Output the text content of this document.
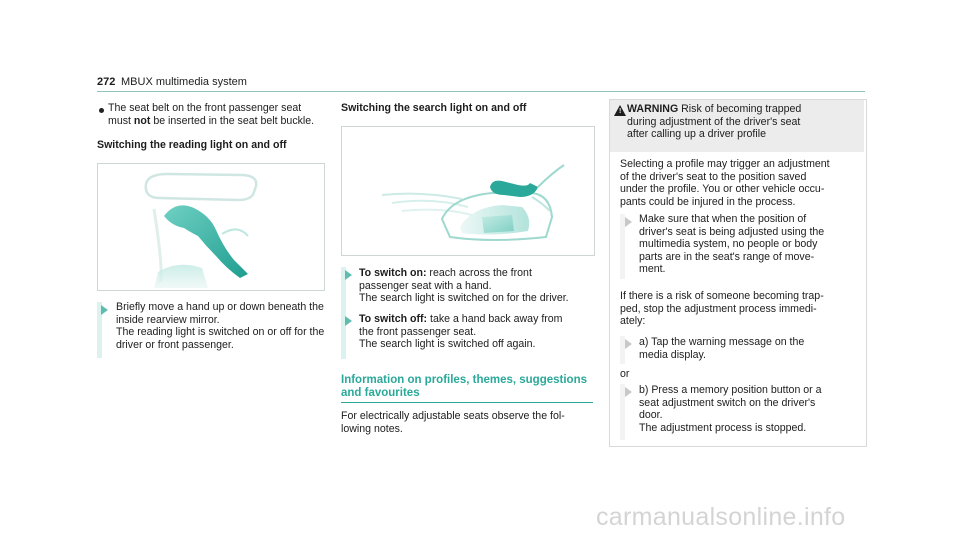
272 MBUX multimedia system
The seat belt on the front passenger seat
must not be inserted in the seat belt buckle.
Switching the reading light on and off
Briefly move a hand up or down beneath the
inside rearview mirror.
The reading light is switched on or off for the
driver or front passenger.
Switching the search light on and off
To switch on: reach across the front
passenger seat with a hand.
The search light is switched on for the driver.
To switch off: take a hand back away from
the front passenger seat.
The search light is switched off again.
Information on profiles, themes, suggestions
and favourites
For electrically adjustable seats observe the fol-
lowing notes.
! WARNING Risk of becoming trapped
during adjustment of the driver's seat
after calling up a driver profile
Selecting a profile may trigger an adjustment
of the driver's seat to the position saved
under the profile. You or other vehicle occu-
pants could be injured in the process.
Make sure that when the position of
driver's seat is being adjusted using the
multimedia system, no people or body
parts are in the seat's range of move-
ment.
If there is a risk of someone becoming trap-
ped, stop the adjustment process immedi-
ately:
a) Tap the warning message on the
media display.
or
b) Press a memory position button or a
seat adjustment switch on the driver's
door.
The adjustment process is stopped.
carmanualsonline.info
